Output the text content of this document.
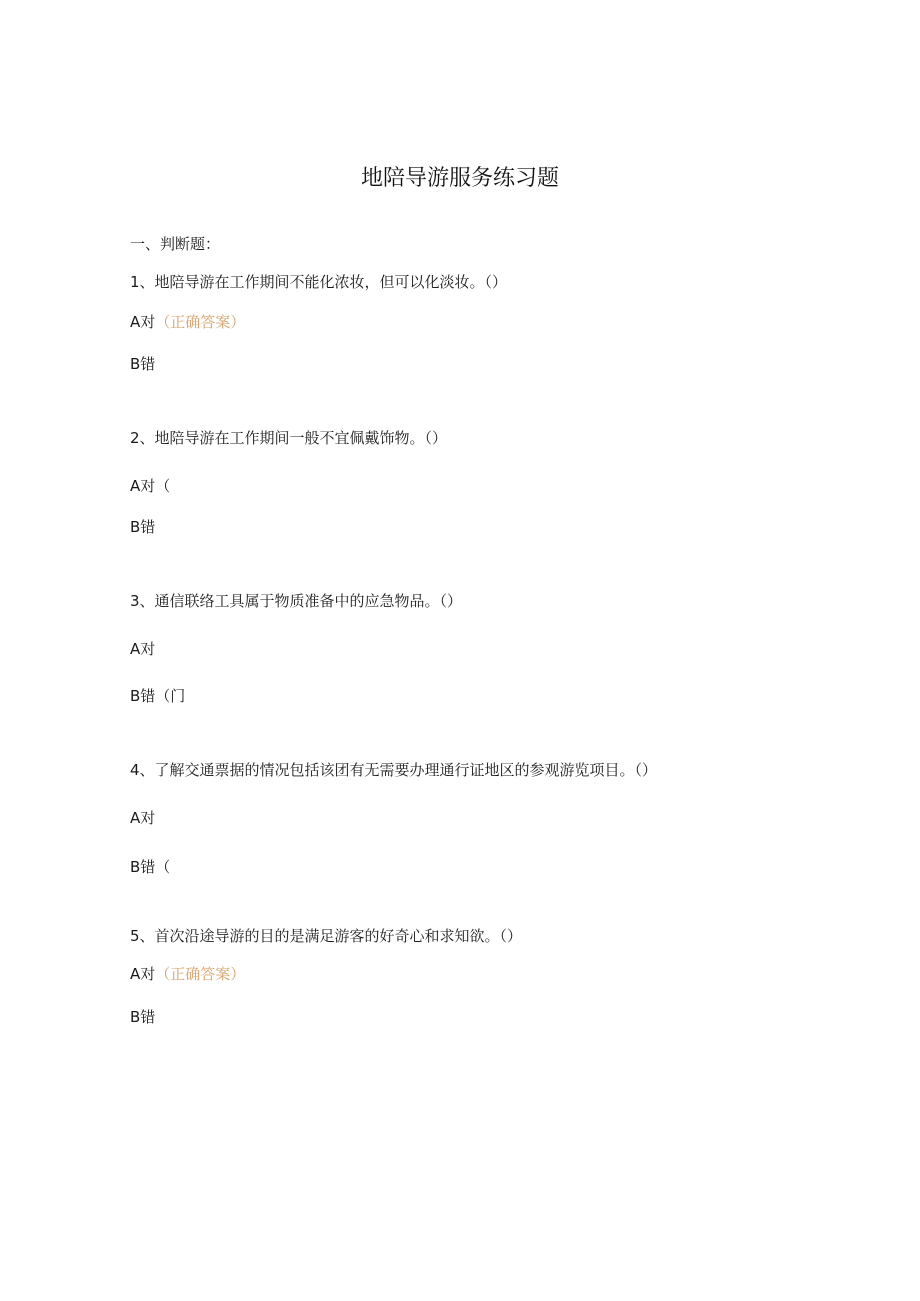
地陪导游服务练习题
一、判断题：
1、地陪导游在工作期间不能化浓妆，但可以化淡妆。（）
A对（正确答案）
B错
2、地陪导游在工作期间一般不宜佩戴饰物。（）
A对（
B错
3、通信联络工具属于物质准备中的应急物品。（）
A对
B错（门
4、了解交通票据的情况包括该团有无需要办理通行证地区的参观游览项目。（）
A对
B错（
5、首次沿途导游的目的是满足游客的好奇心和求知欲。（）
A对（正确答案）
B错
